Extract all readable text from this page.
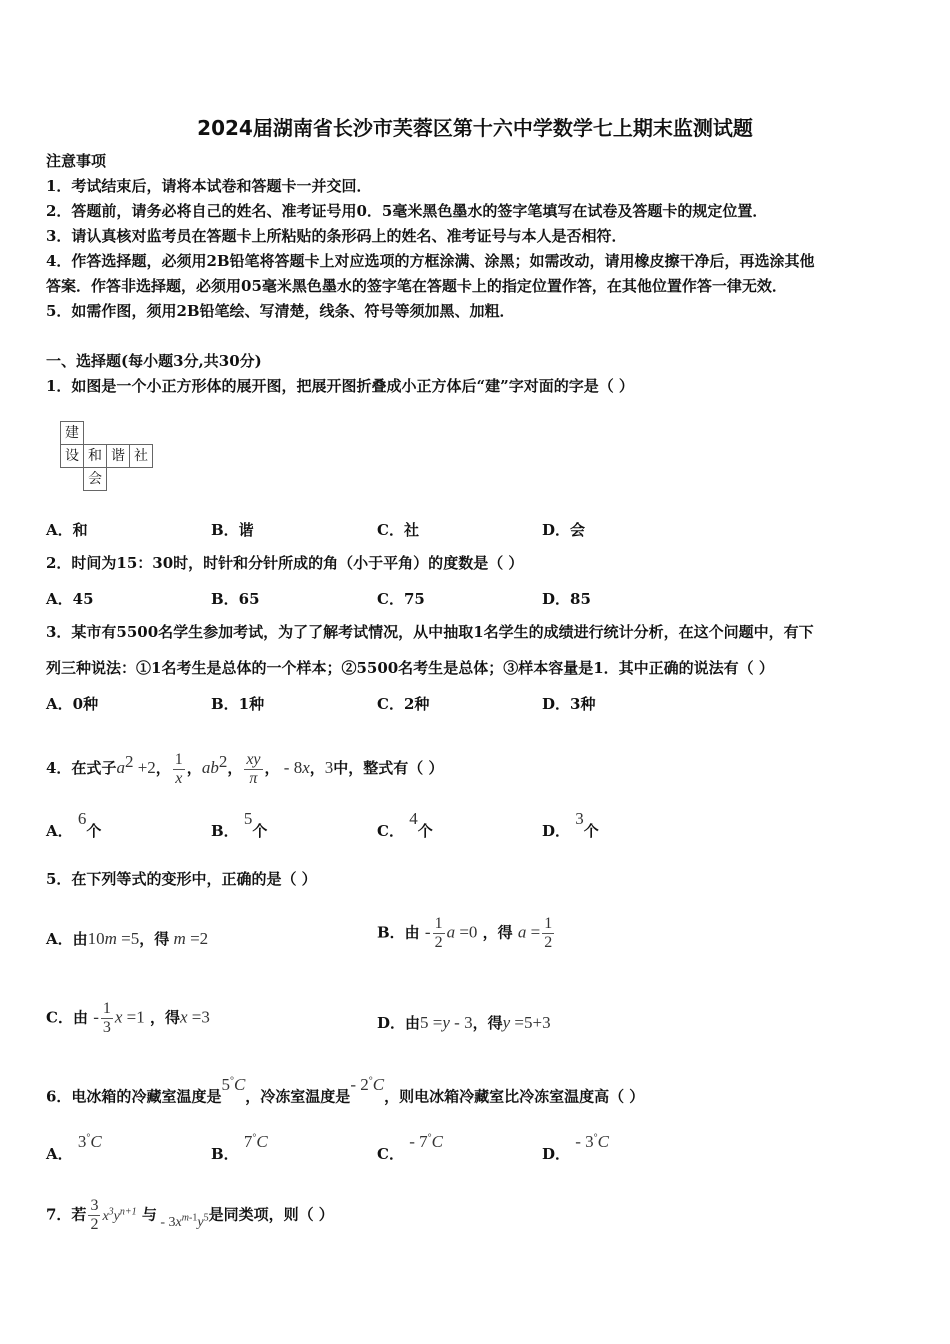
2024届湖南省长沙市芙蓉区第十六中学数学七上期末监测试题
注意事项
1．考试结束后，请将本试卷和答题卡一并交回．
2．答题前，请务必将自己的姓名、准考证号用0．5毫米黑色墨水的签字笔填写在试卷及答题卡的规定位置．
3．请认真核对监考员在答题卡上所粘贴的条形码上的姓名、准考证号与本人是否相符．
4．作答选择题，必须用2B铅笔将答题卡上对应选项的方框涂满、涂黑；如需改动，请用橡皮擦干净后，再选涂其他
答案．作答非选择题，必须用05毫米黑色墨水的签字笔在答题卡上的指定位置作答，在其他位置作答一律无效．
5．如需作图，须用2B铅笔绘、写清楚，线条、符号等须加黑、加粗．
一、选择题(每小题3分,共30分)
1．如图是一个小正方形体的展开图，把展开图折叠成小正方体后“建”字对面的字是（ ）
建
设 和 谐 社
会
A．和	B．谐	C．社	D．会
2．时间为15：30时，时针和分针所成的角（小于平角）的度数是（ ）
A．45	B．65	C．75	D．85
3．某市有5500名学生参加考试，为了了解考试情况，从中抽取1名学生的成绩进行统计分析，在这个问题中，有下
列三种说法：①1名考生是总体的一个样本；②5500名考生是总体；③样本容量是1．其中正确的说法有（ ）
A．0种	B．1种	C．2种	D．3种
4．在式子$a^2 +2$， $\frac{1}{x}$ ，$ab^2$， $\frac{xy}{\pi}$ ， - 8x，3中，整式有（ ）
A． 6个	B． 5个	C． 4个	D． 3个
5．在下列等式的变形中，正确的是（ ）
A．由10m =5，得 m =2	B．由 - $\frac{1}{2}$ a =0 ，得 $a = \frac{1}{2}$
C．由 - $\frac{1}{3}$ x =1 ，得x =3	D．由5 =y - 3，得y =5+3
6．电冰箱的冷藏室温度是5°C，冷冻室温度是- 2°C，则电冰箱冷藏室比冷冻室温度高（ ）
A． 3°C
B． 7°C
C． - 7°C
D． - 3°C
7．若 $\frac{3}{2} x^3y^{n+1}$ 与 - $3x^{m-1}y^5$是同类项，则（ ）
